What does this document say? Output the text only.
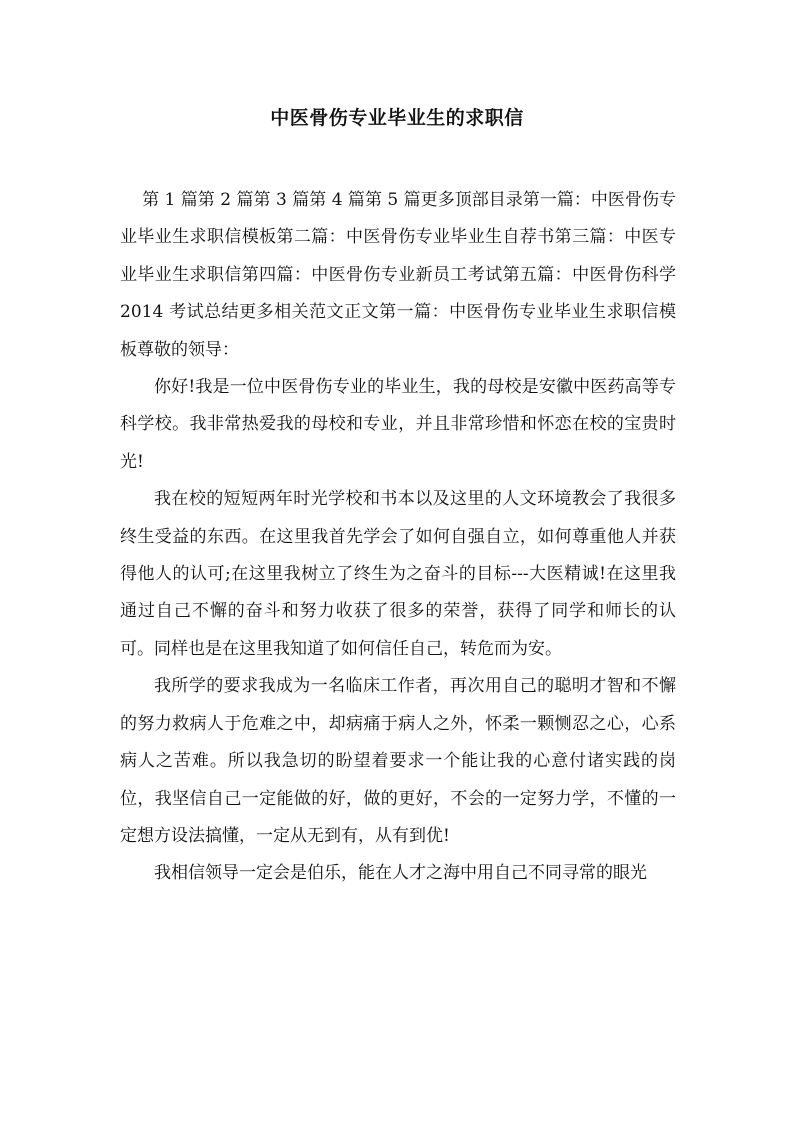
中医骨伤专业毕业生的求职信

第 1 篇第 2 篇第 3 篇第 4 篇第 5 篇更多顶部目录第一篇：中医骨伤专业毕业生求职信模板第二篇：中医骨伤专业毕业生自荐书第三篇：中医专业毕业生求职信第四篇：中医骨伤专业新员工考试第五篇：中医骨伤科学 2014 考试总结更多相关范文正文第一篇：中医骨伤专业毕业生求职信模板尊敬的领导：

你好!我是一位中医骨伤专业的毕业生，我的母校是安徽中医药高等专科学校。我非常热爱我的母校和专业，并且非常珍惜和怀恋在校的宝贵时光!

我在校的短短两年时光学校和书本以及这里的人文环境教会了我很多终生受益的东西。在这里我首先学会了如何自强自立，如何尊重他人并获得他人的认可;在这里我树立了终生为之奋斗的目标---大医精诚!在这里我通过自己不懈的奋斗和努力收获了很多的荣誉，获得了同学和师长的认可。同样也是在这里我知道了如何信任自己，转危而为安。

我所学的要求我成为一名临床工作者，再次用自己的聪明才智和不懈的努力救病人于危难之中，却病痛于病人之外，怀柔一颗恻忍之心，心系病人之苦难。所以我急切的盼望着要求一个能让我的心意付诸实践的岗位，我坚信自己一定能做的好，做的更好，不会的一定努力学，不懂的一定想方设法搞懂，一定从无到有，从有到优!

我相信领导一定会是伯乐，能在人才之海中用自己不同寻常的眼光
